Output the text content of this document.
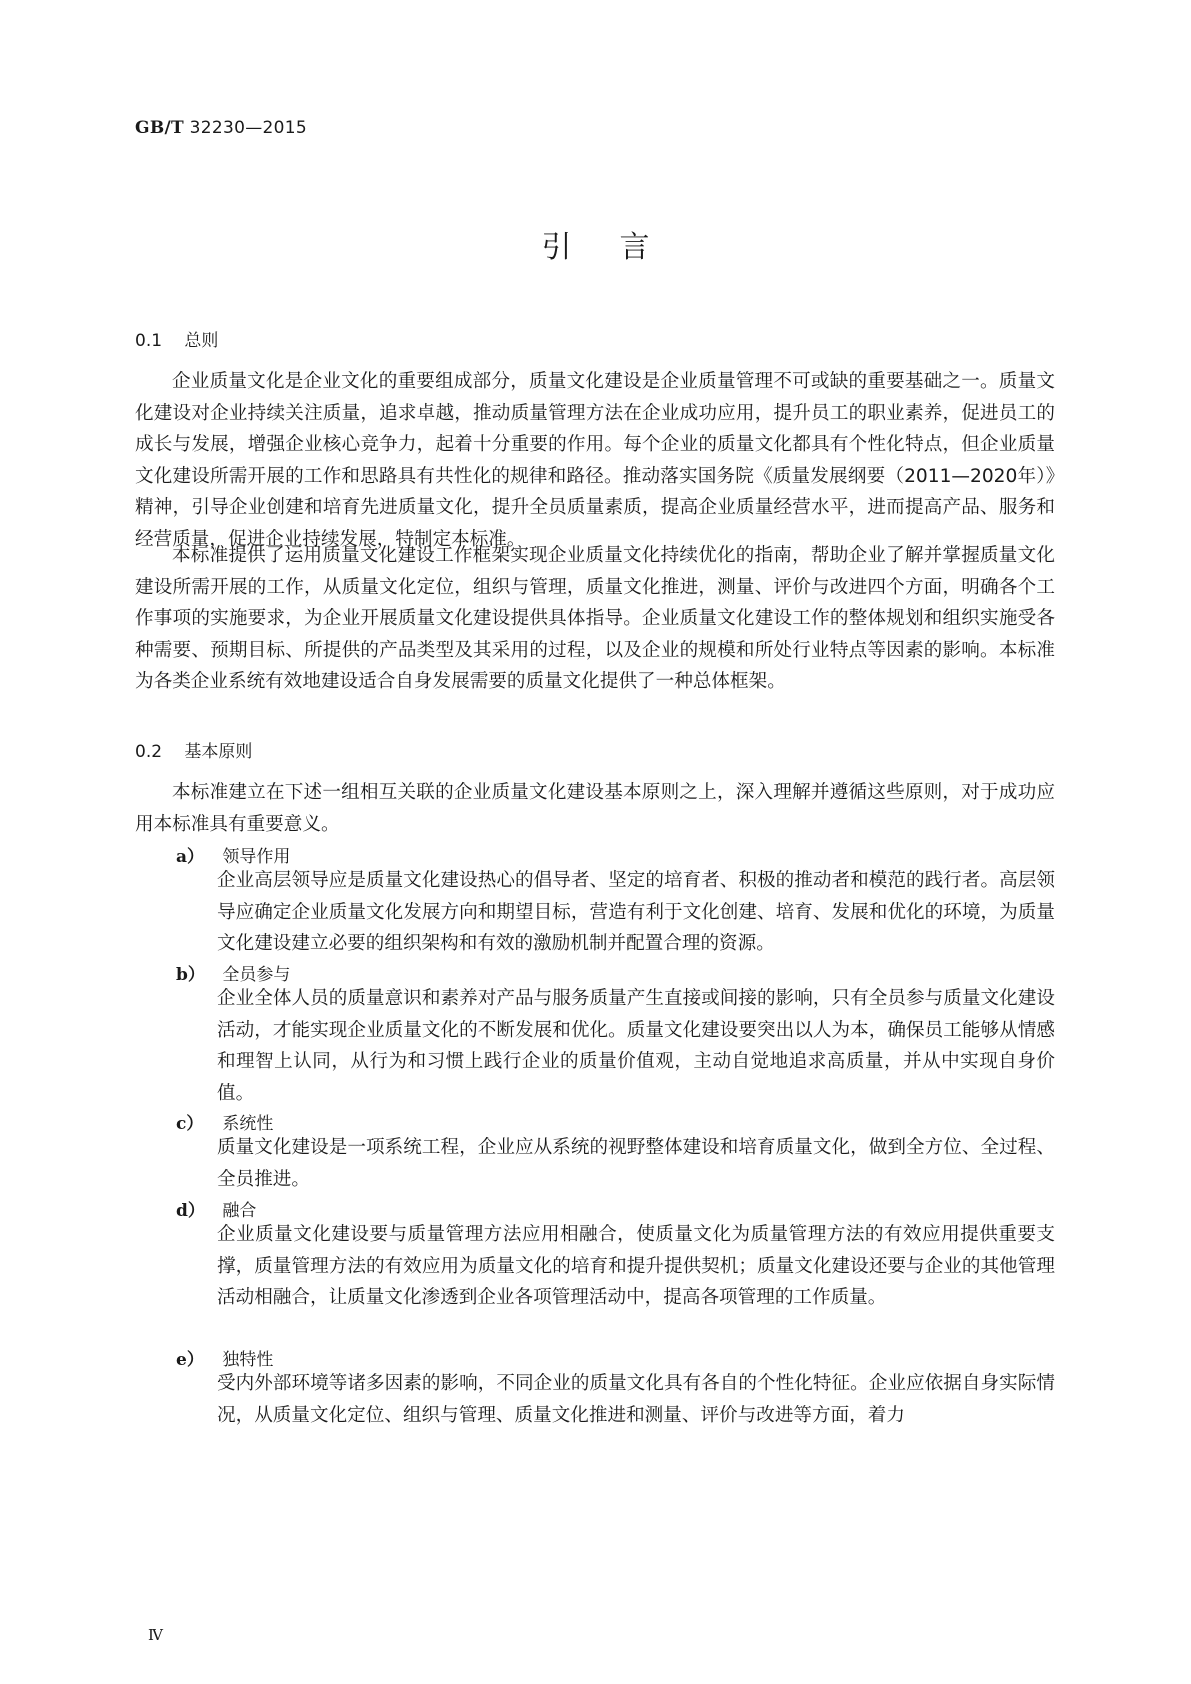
GB/T 32230—2015
引言
0.1 总则

企业质量文化是企业文化的重要组成部分，质量文化建设是企业质量管理不可或缺的重要基础之一。质量文化建设对企业持续关注质量，追求卓越，推动质量管理方法在企业成功应用，提升员工的职业素养，促进员工的成长与发展，增强企业核心竞争力，起着十分重要的作用。每个企业的质量文化都具有个性化特点，但企业质量文化建设所需开展的工作和思路具有共性化的规律和路径。推动落实国务院《质量发展纲要（2011—2020年）》精神，引导企业创建和培育先进质量文化，提升全员质量素质，提高企业质量经营水平，进而提高产品、服务和经营质量，促进企业持续发展，特制定本标准。

本标准提供了运用质量文化建设工作框架实现企业质量文化持续优化的指南，帮助企业了解并掌握质量文化建设所需开展的工作，从质量文化定位，组织与管理，质量文化推进，测量、评价与改进四个方面，明确各个工作事项的实施要求，为企业开展质量文化建设提供具体指导。企业质量文化建设工作的整体规划和组织实施受各种需要、预期目标、所提供的产品类型及其采用的过程，以及企业的规模和所处行业特点等因素的影响。本标准为各类企业系统有效地建设适合自身发展需要的质量文化提供了一种总体框架。

0.2 基本原则

本标准建立在下述一组相互关联的企业质量文化建设基本原则之上，深入理解并遵循这些原则，对于成功应用本标准具有重要意义。

a） 领导作用

企业高层领导应是质量文化建设热心的倡导者、坚定的培育者、积极的推动者和模范的践行者。高层领导应确定企业质量文化发展方向和期望目标，营造有利于文化创建、培育、发展和优化的环境，为质量文化建设建立必要的组织架构和有效的激励机制并配置合理的资源。

b） 全员参与

企业全体人员的质量意识和素养对产品与服务质量产生直接或间接的影响，只有全员参与质量文化建设活动，才能实现企业质量文化的不断发展和优化。质量文化建设要突出以人为本，确保员工能够从情感和理智上认同，从行为和习惯上践行企业的质量价值观，主动自觉地追求高质量，并从中实现自身价值。

c） 系统性

质量文化建设是一项系统工程，企业应从系统的视野整体建设和培育质量文化，做到全方位、全过程、全员推进。

d） 融合

企业质量文化建设要与质量管理方法应用相融合，使质量文化为质量管理方法的有效应用提供重要支撑，质量管理方法的有效应用为质量文化的培育和提升提供契机；质量文化建设还要与企业的其他管理活动相融合，让质量文化渗透到企业各项管理活动中，提高各项管理的工作质量。

e） 独特性

受内外部环境等诸多因素的影响，不同企业的质量文化具有各自的个性化特征。企业应依据自身实际情况，从质量文化定位、组织与管理、质量文化推进和测量、评价与改进等方面，着力

Ⅳ
